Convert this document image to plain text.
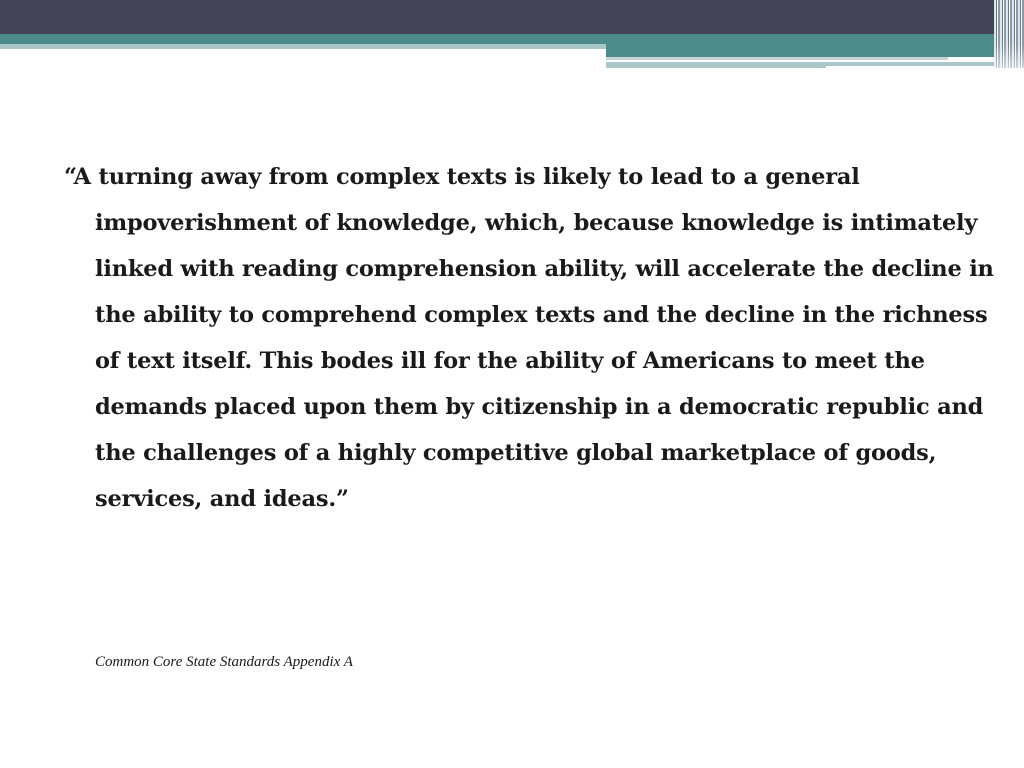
“A turning away from complex texts is likely to lead to a general impoverishment of knowledge, which, because knowledge is intimately linked with reading comprehension ability, will accelerate the decline in the ability to comprehend complex texts and the decline in the richness of text itself. This bodes ill for the ability of Americans to meet the demands placed upon them by citizenship in a democratic republic and the challenges of a highly competitive global marketplace of goods, services, and ideas.”

Common Core State Standards Appendix A
